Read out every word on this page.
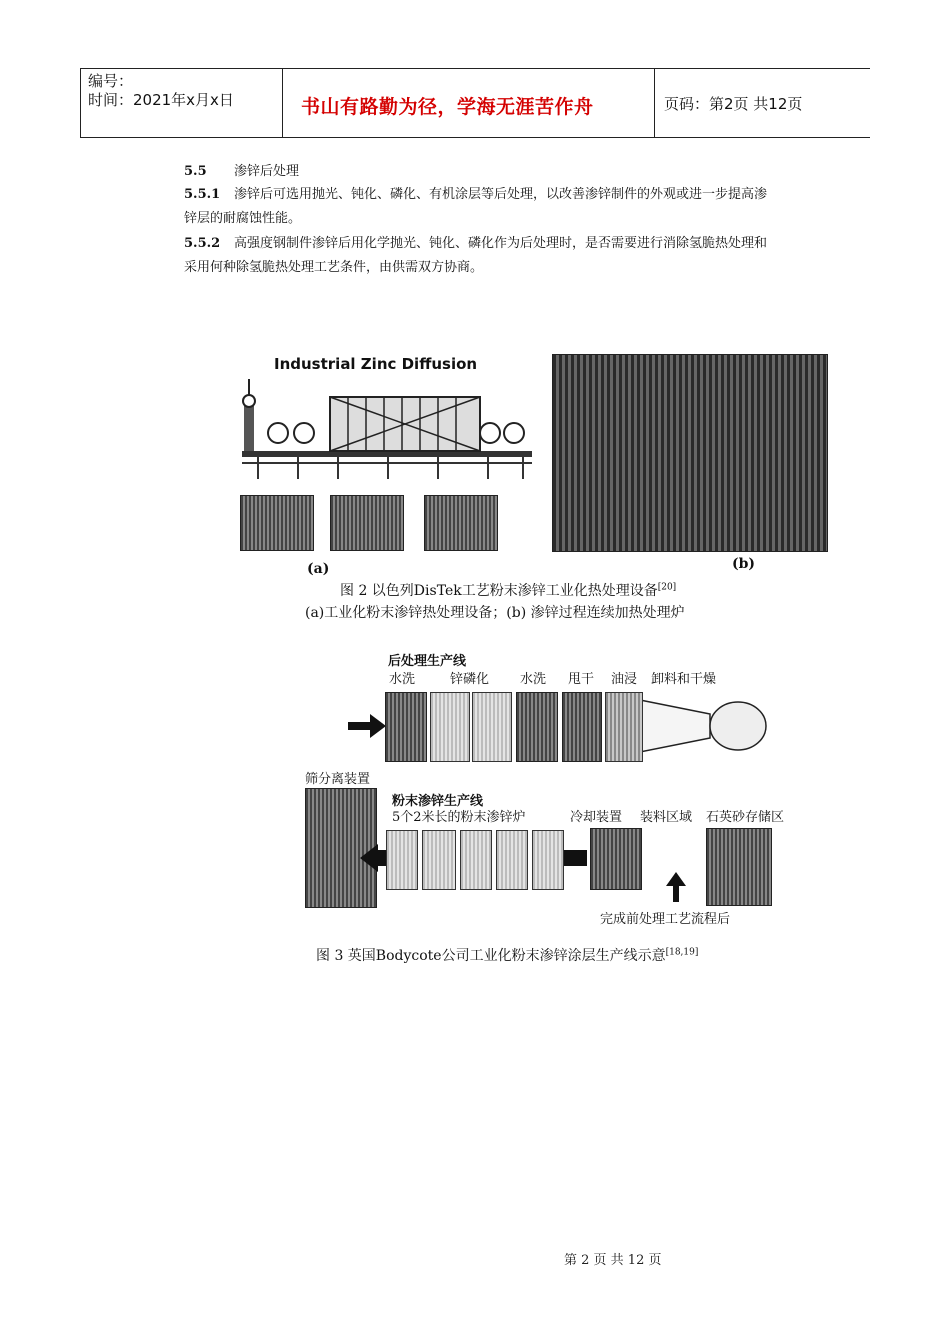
编号：
时间：2021年x月x日	书山有路勤为径，学海无涯苦作舟	页码：第2页 共12页
5.5 渗锌后处理
5.5.1 渗锌后可选用抛光、钝化、磷化、有机涂层等后处理，以改善渗锌制件的外观或进一步提高渗
锌层的耐腐蚀性能。
5.5.2 高强度钢制件渗锌后用化学抛光、钝化、磷化作为后处理时，是否需要进行消除氢脆热处理和
采用何种除氢脆热处理工艺条件，由供需双方协商。
Industrial Zinc Diffusion
(a)	(b)
图 2 以色列DisTek工艺粉末渗锌工业化热处理设备[20]
(a)工业化粉末渗锌热处理设备；(b) 渗锌过程连续加热处理炉
后处理生产线
水洗	锌磷化 水洗 甩干 油浸 卸料和干燥
筛分离装置
粉末渗锌生产线
5个2米长的粉末渗锌炉	冷却装置 装料区域 石英砂存储区
完成前处理工艺流程后
图 3 英国Bodycote公司工业化粉末渗锌涂层生产线示意[18,19]
第 2 页 共 12 页
